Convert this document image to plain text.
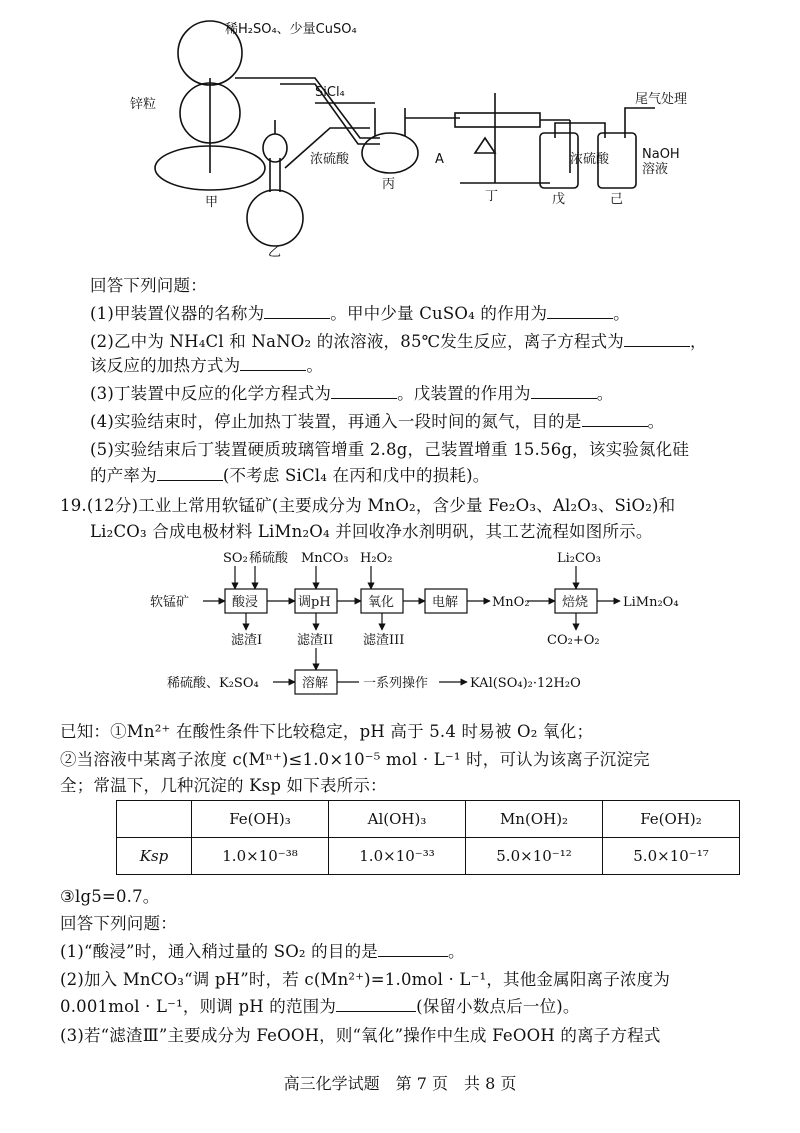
稀H₂SO₄、少量CuSO₄
锌粒
SiCl₄	尾气处理
浓硫酸	A	浓硫酸	NaOH
溶液
甲
乙
丙
丁	戊	己
回答下列问题：
(1)甲装置仪器的名称为	。甲中少量 CuSO₄ 的作用为	。
(2)乙中为 NH₄Cl 和 NaNO₂ 的浓溶液，85℃发生反应，离子方程式为	，
该反应的加热方式为	。
(3)丁装置中反应的化学方程式为	。戊装置的作用为	。
(4)实验结束时，停止加热丁装置，再通入一段时间的氮气，目的是	。
(5)实验结束后丁装置硬质玻璃管增重 2.8g，己装置增重 15.56g，该实验氮化硅
的产率为	(不考虑 SiCl₄ 在丙和戊中的损耗)。
19.(12分)工业上常用软锰矿(主要成分为 MnO₂，含少量 Fe₂O₃、Al₂O₃、SiO₂)和
Li₂CO₃ 合成电极材料 LiMn₂O₄ 并回收净水剂明矾，其工艺流程如图所示。
软锰矿
SO₂ 稀硫酸 MnCO₃ H₂O₂	Li₂CO₃
酸浸	调pH	氧化	电解	MnO₂ 焙烧	LiMn₂O₄
滤渣I	滤渣II 滤渣III	CO₂+O₂
稀硫酸、K₂SO₄	溶解	一系列操作	KAl(SO₄)₂·12H₂O
已知：①Mn²⁺ 在酸性条件下比较稳定，pH 高于 5.4 时易被 O₂ 氧化；
②当溶液中某离子浓度 c(Mⁿ⁺)≤1.0×10⁻⁵ mol · L⁻¹ 时，可认为该离子沉淀完
全；常温下，几种沉淀的 Ksp 如下表所示：
	Fe(OH)₃	Al(OH)₃	Mn(OH)₂	Fe(OH)₂
Ksp	1.0×10⁻³⁸	1.0×10⁻³³	5.0×10⁻¹²	5.0×10⁻¹⁷
③lg5=0.7。
回答下列问题：
(1)“酸浸”时，通入稍过量的 SO₂ 的目的是	。
(2)加入 MnCO₃“调 pH”时，若 c(Mn²⁺)=1.0mol · L⁻¹，其他金属阳离子浓度为
0.001mol · L⁻¹，则调 pH 的范围为	(保留小数点后一位)。
(3)若“滤渣Ⅲ”主要成分为 FeOOH，则“氧化”操作中生成 FeOOH 的离子方程式
高三化学试题　第 7 页　共 8 页
